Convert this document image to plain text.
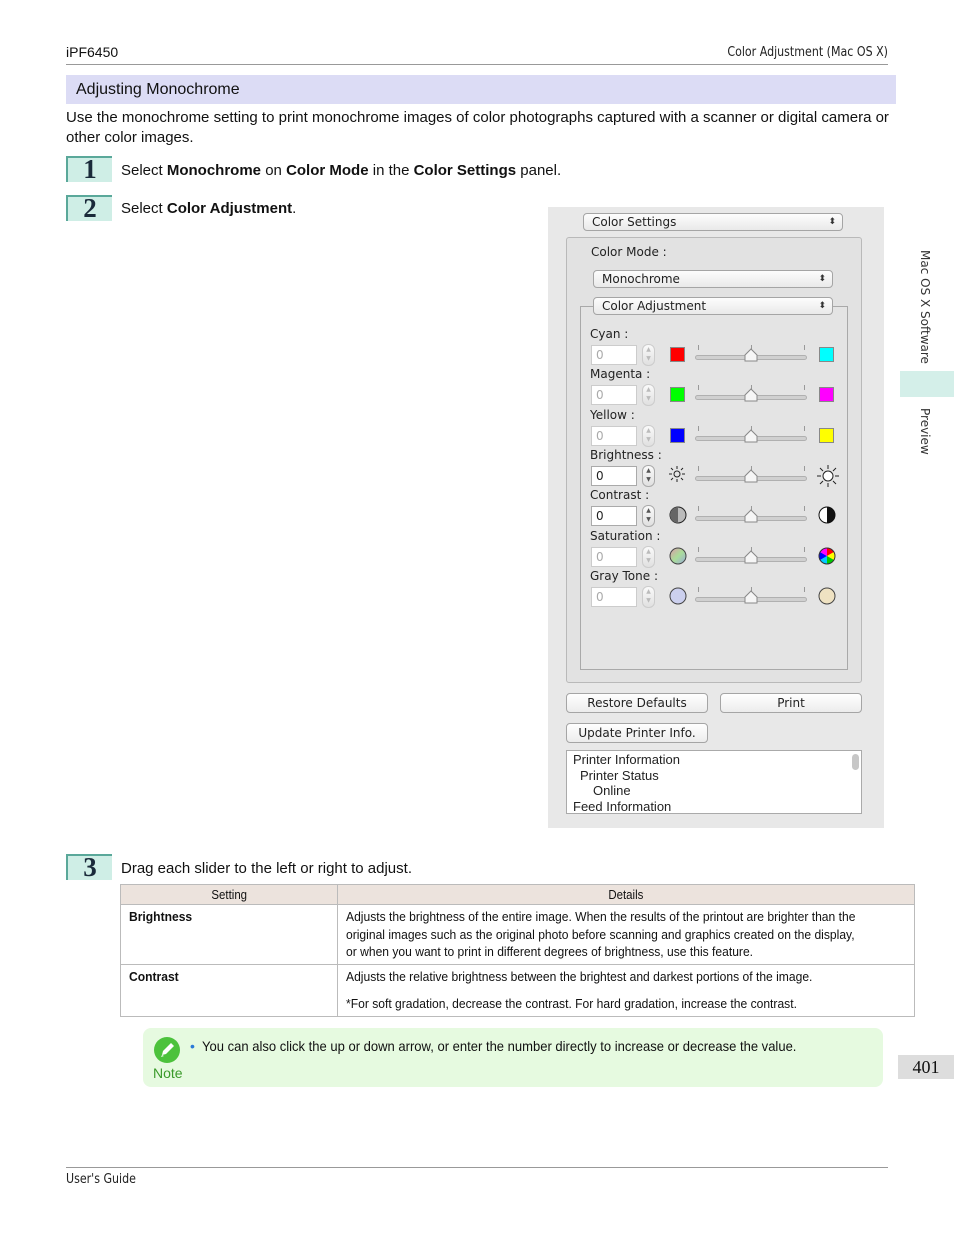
iPF6450	Color Adjustment (Mac OS X)
Adjusting Monochrome
Use the monochrome setting to print monochrome images of color photographs captured with a scanner or digital camera or other color images.
1	Select Monochrome on Color Mode in the Color Settings panel.
2	Select Color Adjustment.
Color Settings	⬍
Color Mode :
Monochrome	⬍
Color Adjustment	⬍
Cyan :
0	▲
▼
Magenta :
0	▲
▼
Yellow :
0	▲
▼
Brightness :
0	▲
▼
Contrast :
0	▲
▼
Saturation :
0	▲
▼
Gray Tone :
0	▲
▼
Restore Defaults	Print
Update Printer Info.
Printer Information
Printer Status
Online
Feed Information
3	Drag each slider to the left or right to adjust.
Setting	Details

Brightness	Adjusts the brightness of the entire image. When the results of the printout are brighter than the original images such as the original photo before scanning and graphics created on the display, or when you want to print in different degrees of brightness, use this feature.

Contrast	Adjusts the relative brightness between the brightest and darkest portions of the image.
*For soft gradation, decrease the contrast. For hard gradation, increase the contrast.
Note
• You can also click the up or down arrow, or enter the number directly to increase or decrease the value.
Mac OS X Software
Preview
401
User's Guide
